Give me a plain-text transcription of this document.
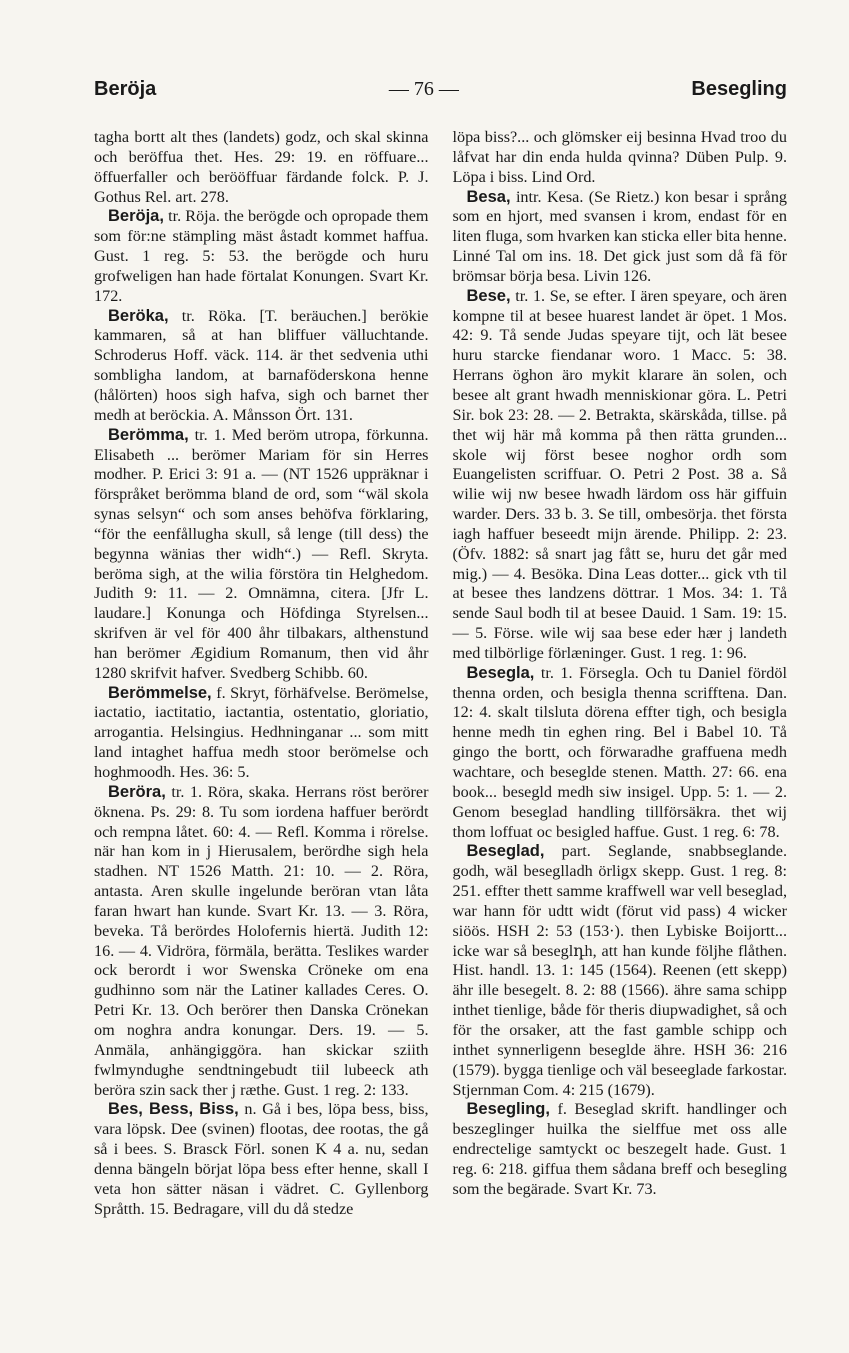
Beröja	— 76 —	Besegling

tagha bortt alt thes (landets) godz, och skal skinna och beröffua thet. Hes. 29: 19. en röffuare... öffuerfaller och berööffuar färdande folck. P. J. Gothus Rel. art. 278.

Beröja, tr. Röja. the berögde och opropade them som för:ne stämpling mäst åstadt kommet haffua. Gust. 1 reg. 5: 53. the berögde och huru grofweligen han hade förtalat Konungen. Svart Kr. 172.

Beröka, tr. Röka. [T. beräuchen.] berökie kammaren, så at han bliffuer välluchtande. Schroderus Hoff. väck. 114. är thet sedvenia uthi sombligha landom, at barnaföderskona henne (hålörten) hoos sigh hafva, sigh och barnet ther medh at beröckia. A. Månsson Ört. 131.

Berömma, tr. 1. Med beröm utropa, förkunna. Elisabeth ... berömer Mariam för sin Herres modher. P. Erici 3: 91 a. — (NT 1526 uppräknar i förspråket berömma bland de ord, som “wäl skola synas selsyn“ och som anses behöfva förklaring, “för the eenfållugha skull, så lenge (till dess) the begynna wänias ther widh“.) — Refl. Skryta. beröma sigh, at the wilia förstöra tin Helghedom. Judith 9: 11. — 2. Omnämna, citera. [Jfr L. laudare.] Konunga och Höfdinga Styrelsen... skrifven är vel för 400 åhr tilbakars, althenstund han berömer Ægidium Romanum, then vid åhr 1280 skrifvit hafver. Svedberg Schibb. 60.

Berömmelse, f. Skryt, förhäfvelse. Berömelse, iactatio, iactitatio, iactantia, ostentatio, gloriatio, arrogantia. Helsingius. Hedhninganar ... som mitt land intaghet haffua medh stoor berömelse och hoghmoodh. Hes. 36: 5.

Beröra, tr. 1. Röra, skaka. Herrans röst berörer öknena. Ps. 29: 8. Tu som iordena haffuer berördt och rempna låtet. 60: 4. — Refl. Komma i rörelse. när han kom in j Hierusalem, berördhe sigh hela stadhen. NT 1526 Matth. 21: 10. — 2. Röra, antasta. Aren skulle ingelunde beröran vtan låta faran hwart han kunde. Svart Kr. 13. — 3. Röra, beveka. Tå berördes Holofernis hiertä. Judith 12: 16. — 4. Vidröra, förmäla, berätta. Teslikes warder ock berordt i wor Swenska Cröneke om ena gudhinno som när the Latiner kallades Ceres. O. Petri Kr. 13. Och berörer then Danska Crönekan om noghra andra konungar. Ders. 19. — 5. Anmäla, anhängiggöra. han skickar sziith fwlmyndughe sendtningebudt tiil lubeeck ath beröra szin sack ther j ræthe. Gust. 1 reg. 2: 133.

Bes, Bess, Biss, n. Gå i bes, löpa bess, biss, vara löpsk. Dee (svinen) flootas, dee rootas, the gå så i bees. S. Brasck Förl. sonen K 4 a. nu, sedan denna bängeln börjat löpa bess efter henne, skall I veta hon sätter näsan i vädret. C. Gyllenborg Språtth. 15. Bedragare, vill du då stedze

löpa biss?... och glömsker eij besinna Hvad troo du låfvat har din enda hulda qvinna? Düben Pulp. 9. Löpa i biss. Lind Ord.

Besa, intr. Kesa. (Se Rietz.) kon besar i språng som en hjort, med svansen i krom, endast för en liten fluga, som hvarken kan sticka eller bita henne. Linné Tal om ins. 18. Det gick just som då fä för brömsar börja besa. Livin 126.

Bese, tr. 1. Se, se efter. I ären speyare, och ären kompne til at besee huarest landet är öpet. 1 Mos. 42: 9. Tå sende Judas speyare tijt, och lät besee huru starcke fiendanar woro. 1 Macc. 5: 38. Herrans öghon äro mykit klarare än solen, och besee alt grant hwadh menniskionar göra. L. Petri Sir. bok 23: 28. — 2. Betrakta, skärskåda, tillse. på thet wij här må komma på then rätta grunden... skole wij först besee noghor ordh som Euangelisten scriffuar. O. Petri 2 Post. 38 a. Så wilie wij nw besee hwadh lärdom oss här giffuin warder. Ders. 33 b. 3. Se till, ombesörja. thet första iagh haffuer beseedt mijn ärende. Philipp. 2: 23. (Öfv. 1882: så snart jag fått se, huru det går med mig.) — 4. Besöka. Dina Leas dotter... gick vth til at besee thes landzens döttrar. 1 Mos. 34: 1. Tå sende Saul bodh til at besee Dauid. 1 Sam. 19: 15. — 5. Förse. wile wij saa bese eder hær j landeth med tilbörlige förlæninger. Gust. 1 reg. 1: 96.

Besegla, tr. 1. Försegla. Och tu Daniel fördöl thenna orden, och besigla thenna scrifftena. Dan. 12: 4. skalt tilsluta dörena effter tigh, och besigla henne medh tin eghen ring. Bel i Babel 10. Tå gingo the bortt, och förwaradhe graffuena medh wachtare, och beseglde stenen. Matth. 27: 66. ena book... besegld medh siw insigel. Upp. 5: 1. — 2. Genom beseglad handling tillförsäkra. thet wij thom loffuat oc besigled haffue. Gust. 1 reg. 6: 78.

Beseglad, part. Seglande, snabbseglande. godh, wäl beseglladh örligx skepp. Gust. 1 reg. 8: 251. effter thett samme kraffwell war vell beseglad, war hann för udtt widt (förut vid pass) 4 wicker siöös. HSH 2: 53 (153·). then Lybiske Boijortt... icke war så beseglդh, att han kunde följhe flåthen. Hist. handl. 13. 1: 145 (1564). Reenen (ett skepp) ähr ille besegelt. 8. 2: 88 (1566). ähre sama schipp inthet tienlige, både för theris diupwadighet, så och för the orsaker, att the fast gamble schipp och inthet synnerligenn beseglde ähre. HSH 36: 216 (1579). bygga tienlige och väl beseeglade farkostar. Stjernman Com. 4: 215 (1679).

Besegling, f. Beseglad skrift. handlinger och beszeglinger huilka the sielffue met oss alle endrectelige samtyckt oc beszegelt hade. Gust. 1 reg. 6: 218. giffua them sådana breff och besegling som the begärade. Svart Kr. 73.
